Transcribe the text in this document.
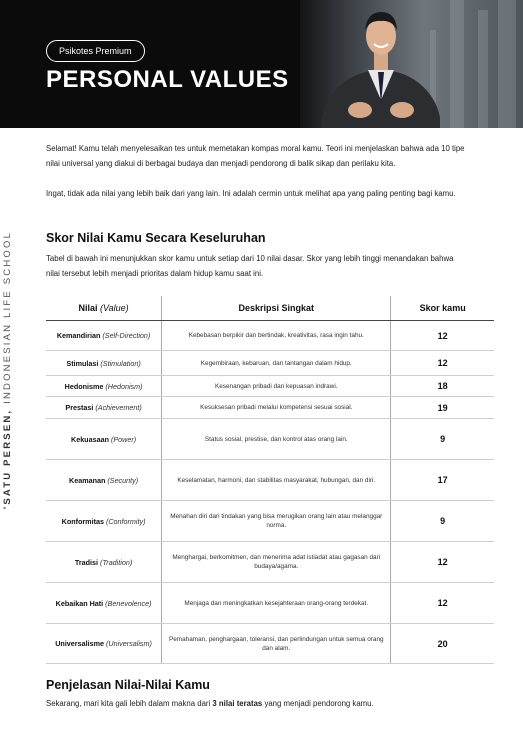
Psikotes Premium
PERSONAL VALUES
'SATU PERSEN, INDONESIAN LIFE SCHOOL

Selamat! Kamu telah menyelesaikan tes untuk memetakan kompas moral kamu. Teori ini menjelaskan bahwa ada 10 tipe nilai universal yang diakui di berbagai budaya dan menjadi pendorong di balik sikap dan perilaku kita.

Ingat, tidak ada nilai yang lebih baik dari yang lain. Ini adalah cermin untuk melihat apa yang paling penting bagi kamu.

Skor Nilai Kamu Secara Keseluruhan

Tabel di bawah ini menunjukkan skor kamu untuk setiap dari 10 nilai dasar. Skor yang lebih tinggi menandakan bahwa nilai tersebut lebih menjadi prioritas dalam hidup kamu saat ini.

Nilai (Value)	Deskripsi Singkat	Skor kamu
Kemandirian (Self-Direction)	Kebebasan berpikir dan bertindak, kreativitas, rasa ingin tahu.	12
Stimulasi (Stimulation)	Kegembiraan, kebaruan, dan tantangan dalam hidup.	12
Hedonisme (Hedonism)	Kesenangan pribadi dan kepuasan indrawi.	18
Prestasi (Achievement)	Kesuksesan pribadi melalui kompetensi sesuai sosial.	19
Kekuasaan (Power)	Status sosial, prestise, dan kontrol atas orang lain.	9
Keamanan (Security)	Keselamatan, harmoni, dan stabilitas masyarakat, hubungan, dan diri.	17
Konformitas (Conformity)	Menahan diri dari tindakan yang bisa merugikan orang lain atau melanggar norma.	9
Tradisi (Tradition)	Menghargai, berkomitmen, dan menerima adat istiadat atau gagasan dari budaya/agama.	12
Kebaikan Hati (Benevolence)	Menjaga dan meningkatkan kesejahteraan orang-orang terdekat.	12
Universalisme (Universalism)	Pemahaman, penghargaan, toleransi, dan perlindungan untuk semua orang dan alam.	20
Penjelasan Nilai-Nilai Kamu

Sekarang, mari kita gali lebih dalam makna dari 3 nilai teratas yang menjadi pendorong kamu.
